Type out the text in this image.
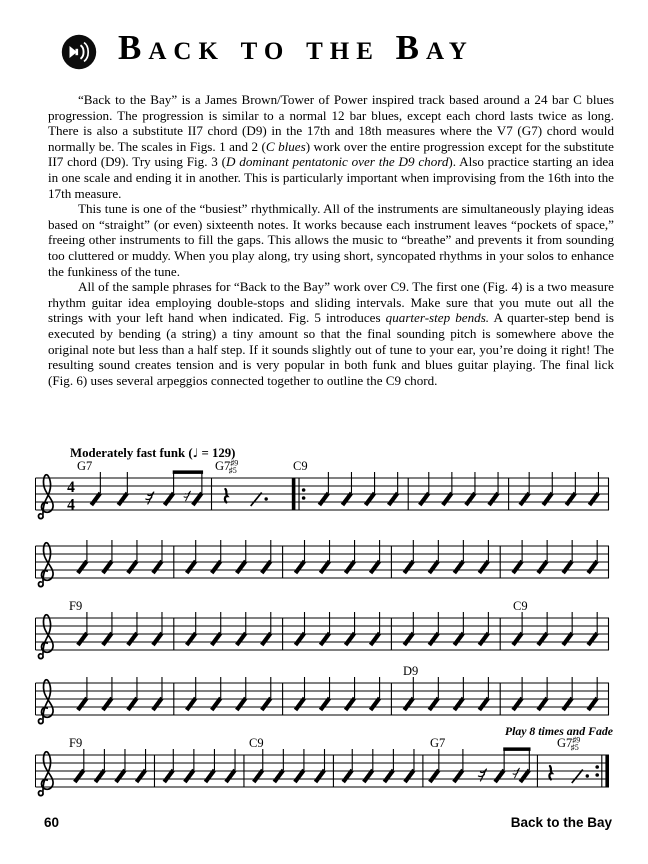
Back to the Bay

“Back to the Bay” is a James Brown/Tower of Power inspired track based around a 24 bar C blues progression. The progression is similar to a normal 12 bar blues, except each chord lasts twice as long. There is also a substitute II7 chord (D9) in the 17th and 18th measures where the V7 (G7) chord would normally be. The scales in Figs. 1 and 2 (C blues) work over the entire progression except for the substitute II7 chord (D9). Try using Fig. 3 (D dominant pentatonic over the D9 chord). Also practice starting an idea in one scale and ending it in another. This is particularly important when improvising from the 16th into the 17th measure.

This tune is one of the “busiest” rhythmically. All of the instruments are simultaneously playing ideas based on “straight” (or even) sixteenth notes. It works because each instrument leaves “pockets of space,” freeing other instruments to fill the gaps. This allows the music to “breathe” and prevents it from sounding too cluttered or muddy. When you play along, try using short, syncopated rhythms in your solos to enhance the funkiness of the tune.

All of the sample phrases for “Back to the Bay” work over C9. The first one (Fig. 4) is a two measure rhythm guitar idea employing double-stops and sliding intervals. Make sure that you mute out all the strings with your left hand when indicated. Fig. 5 introduces quarter-step bends. A quarter-step bend is executed by bending (a string) a tiny amount so that the final sounding pitch is somewhere above the original note but less than a half step. If it sounds slightly out of tune to your ear, you’re doing it right! The resulting sound creates tension and is very popular in both funk and blues guitar playing. The final lick (Fig. 6) uses several arpeggios connected together to outline the C9 chord.

Moderately fast funk (♩ = 129)
4
4
G7	$G7^{♯9}$ ♯5	C9
F9	C9
D9
F9	C9	G7	$G7^{♯9}$ ♯5
Play 8 times and Fade
60	Back to the Bay
